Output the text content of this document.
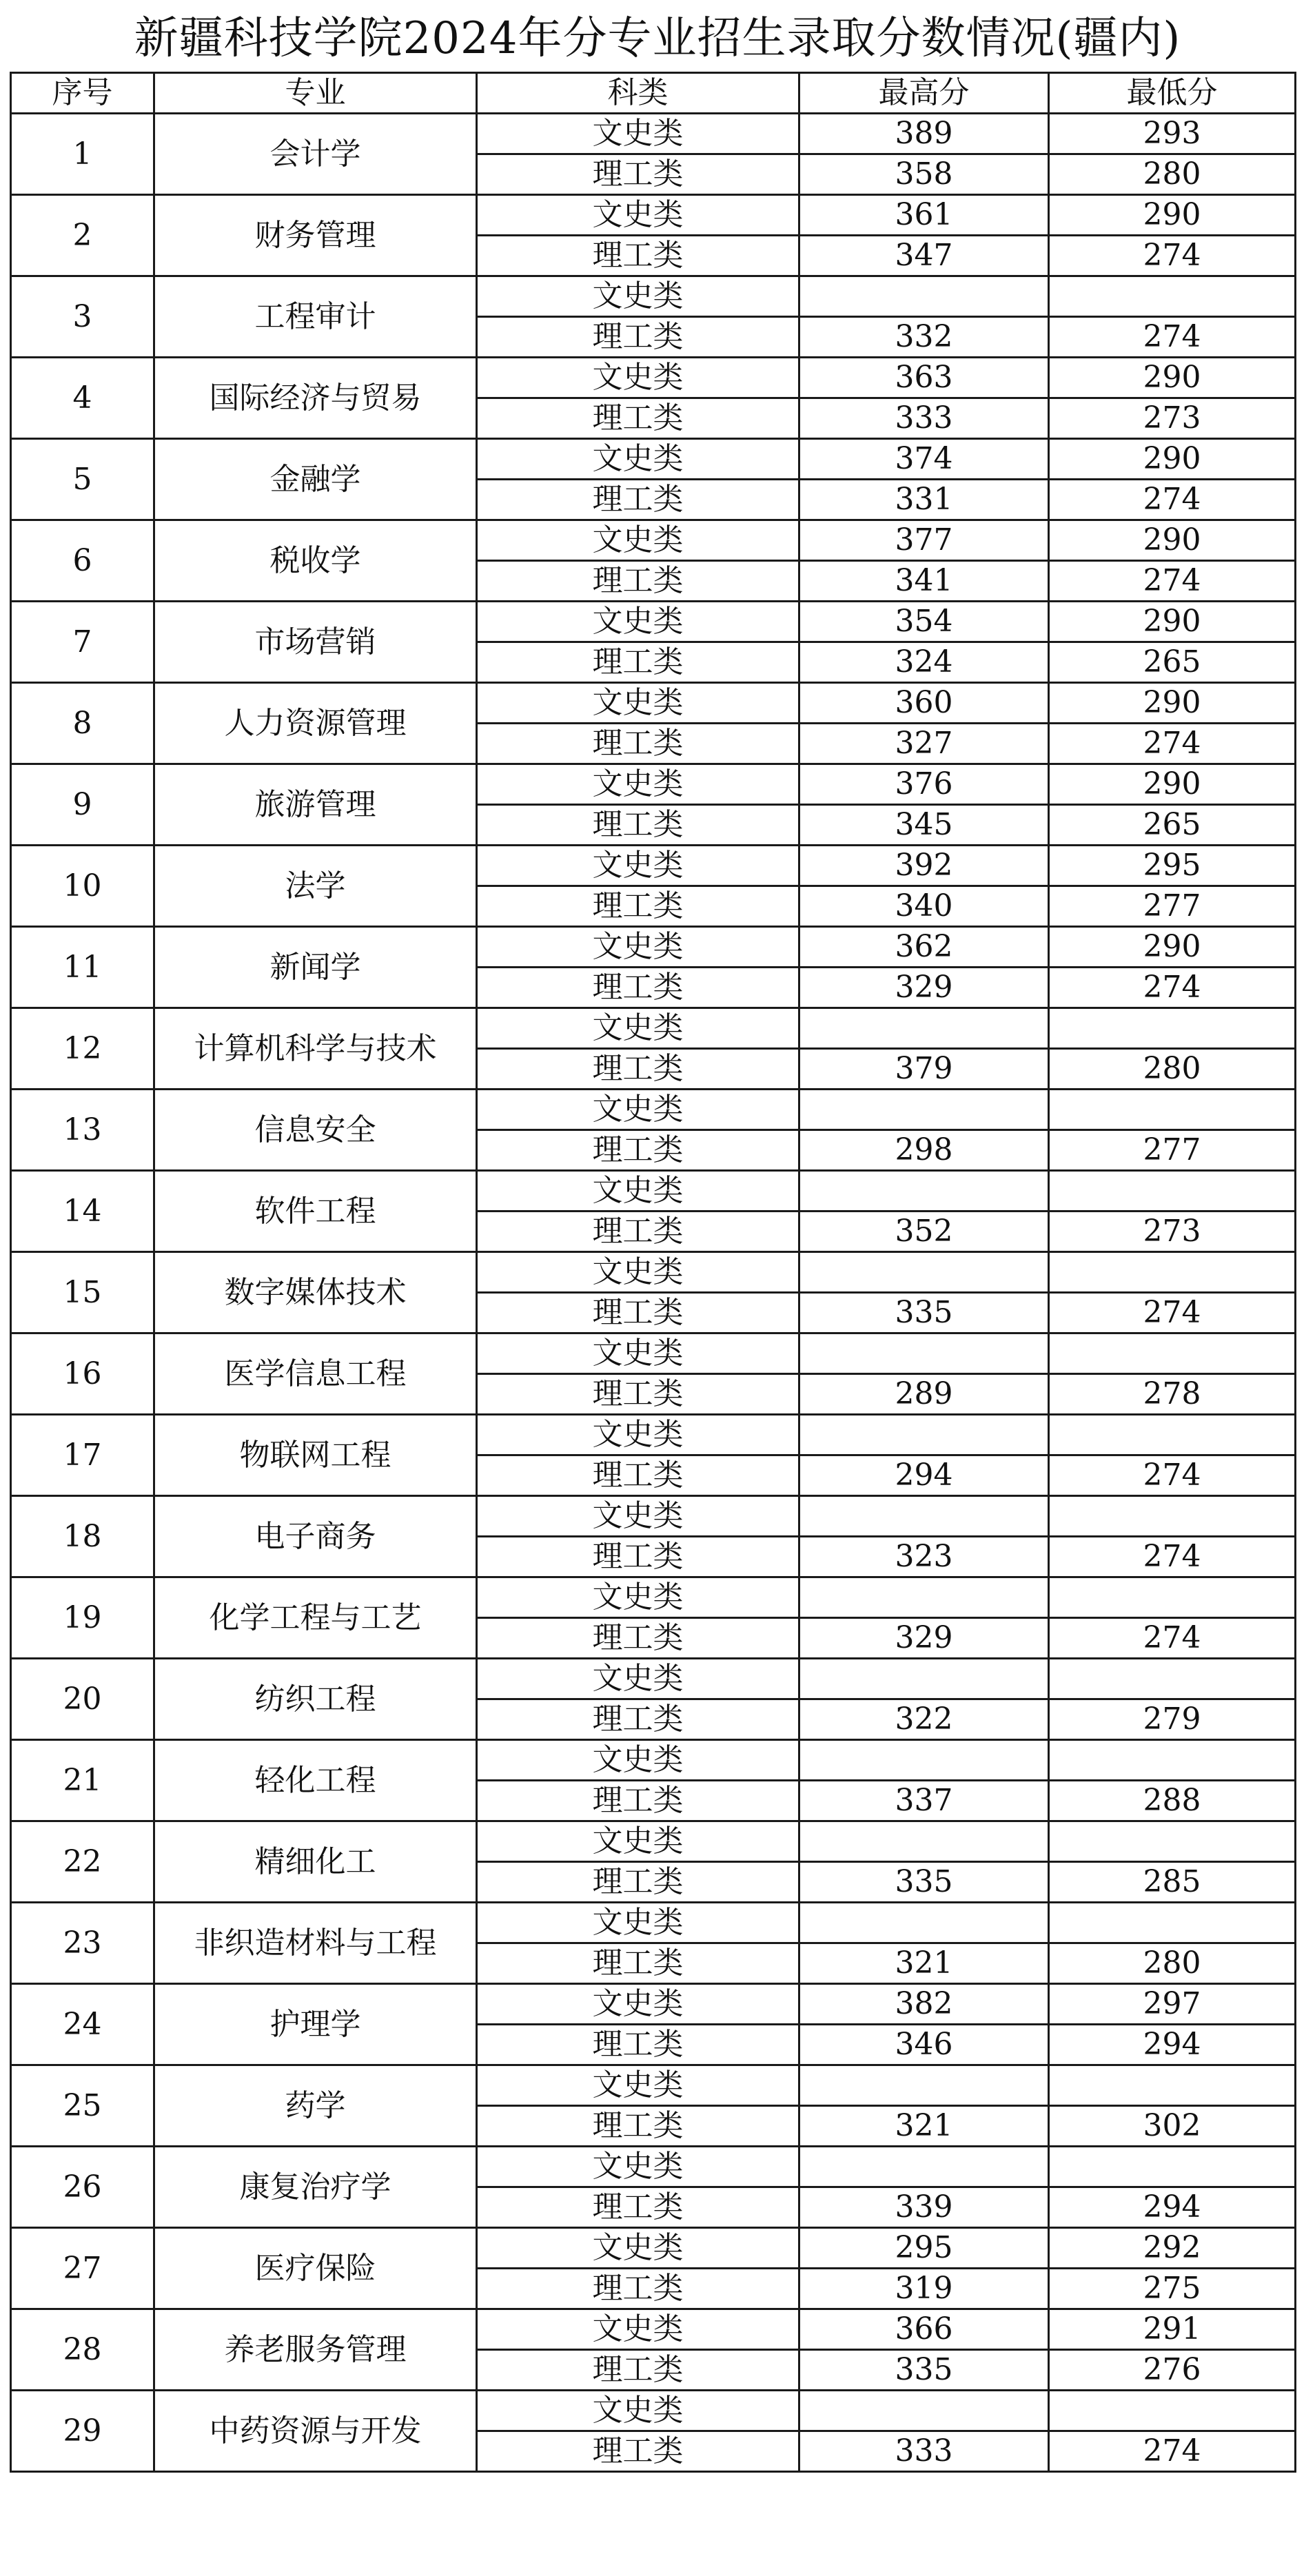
新疆科技学院2024年分专业招生录取分数情况(疆内)
序号	专业	科类	最高分	最低分
1	会计学	文史类	389	293
		理工类	358	280
2	财务管理	文史类	361	290
		理工类	347	274
3	工程审计	文史类		
		理工类	332	274
4	国际经济与贸易	文史类	363	290
		理工类	333	273
5	金融学	文史类	374	290
		理工类	331	274
6	税收学	文史类	377	290
		理工类	341	274
7	市场营销	文史类	354	290
		理工类	324	265
8	人力资源管理	文史类	360	290
		理工类	327	274
9	旅游管理	文史类	376	290
		理工类	345	265
10	法学	文史类	392	295
		理工类	340	277
11	新闻学	文史类	362	290
		理工类	329	274
12	计算机科学与技术	文史类		
		理工类	379	280
13	信息安全	文史类		
		理工类	298	277
14	软件工程	文史类		
		理工类	352	273
15	数字媒体技术	文史类		
		理工类	335	274
16	医学信息工程	文史类		
		理工类	289	278
17	物联网工程	文史类		
		理工类	294	274
18	电子商务	文史类		
		理工类	323	274
19	化学工程与工艺	文史类		
		理工类	329	274
20	纺织工程	文史类		
		理工类	322	279
21	轻化工程	文史类		
		理工类	337	288
22	精细化工	文史类		
		理工类	335	285
23	非织造材料与工程	文史类		
		理工类	321	280
24	护理学	文史类	382	297
		理工类	346	294
25	药学	文史类		
		理工类	321	302
26	康复治疗学	文史类		
		理工类	339	294
27	医疗保险	文史类	295	292
		理工类	319	275
28	养老服务管理	文史类	366	291
		理工类	335	276
29	中药资源与开发	文史类		
		理工类	333	274
